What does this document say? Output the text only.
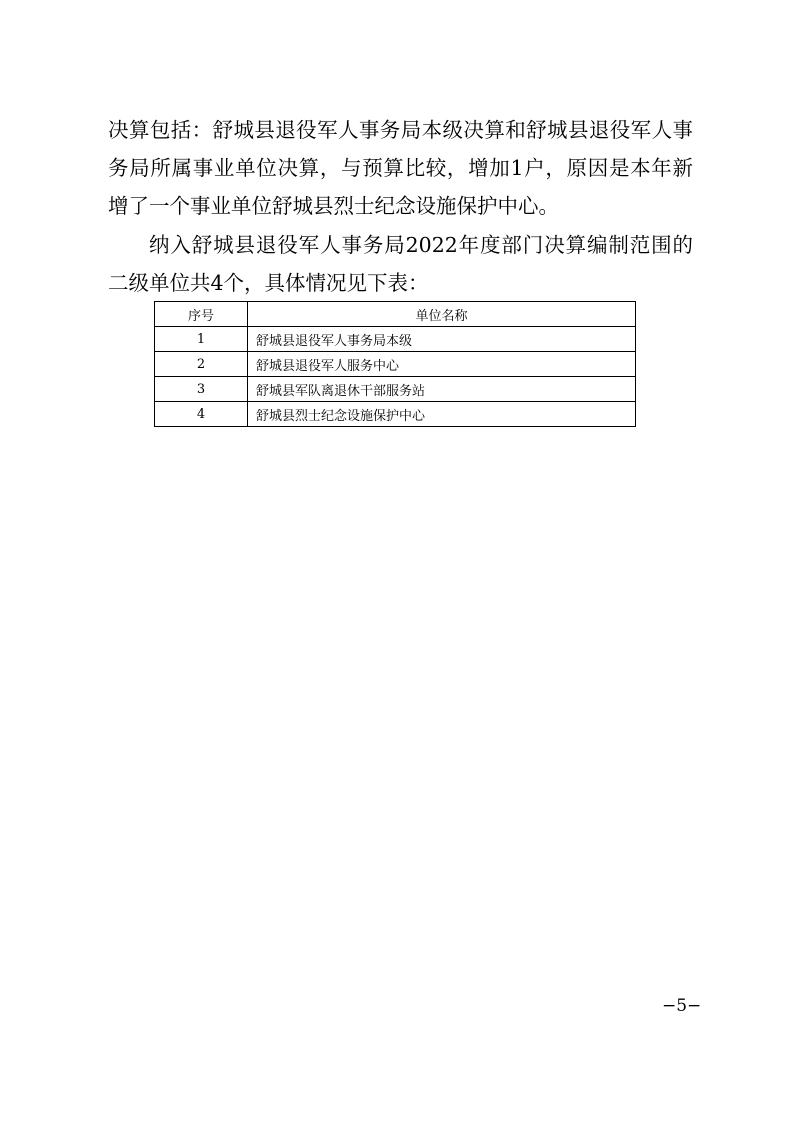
决算包括：舒城县退役军人事务局本级决算和舒城县退役军人事务局所属事业单位决算，与预算比较，增加1户，原因是本年新增了一个事业单位舒城县烈士纪念设施保护中心。

纳入舒城县退役军人事务局2022年度部门决算编制范围的二级单位共4个，具体情况见下表：

序号	单位名称
1	舒城县退役军人事务局本级
2	舒城县退役军人服务中心
3	舒城县军队离退休干部服务站
4	舒城县烈士纪念设施保护中心
−5−
